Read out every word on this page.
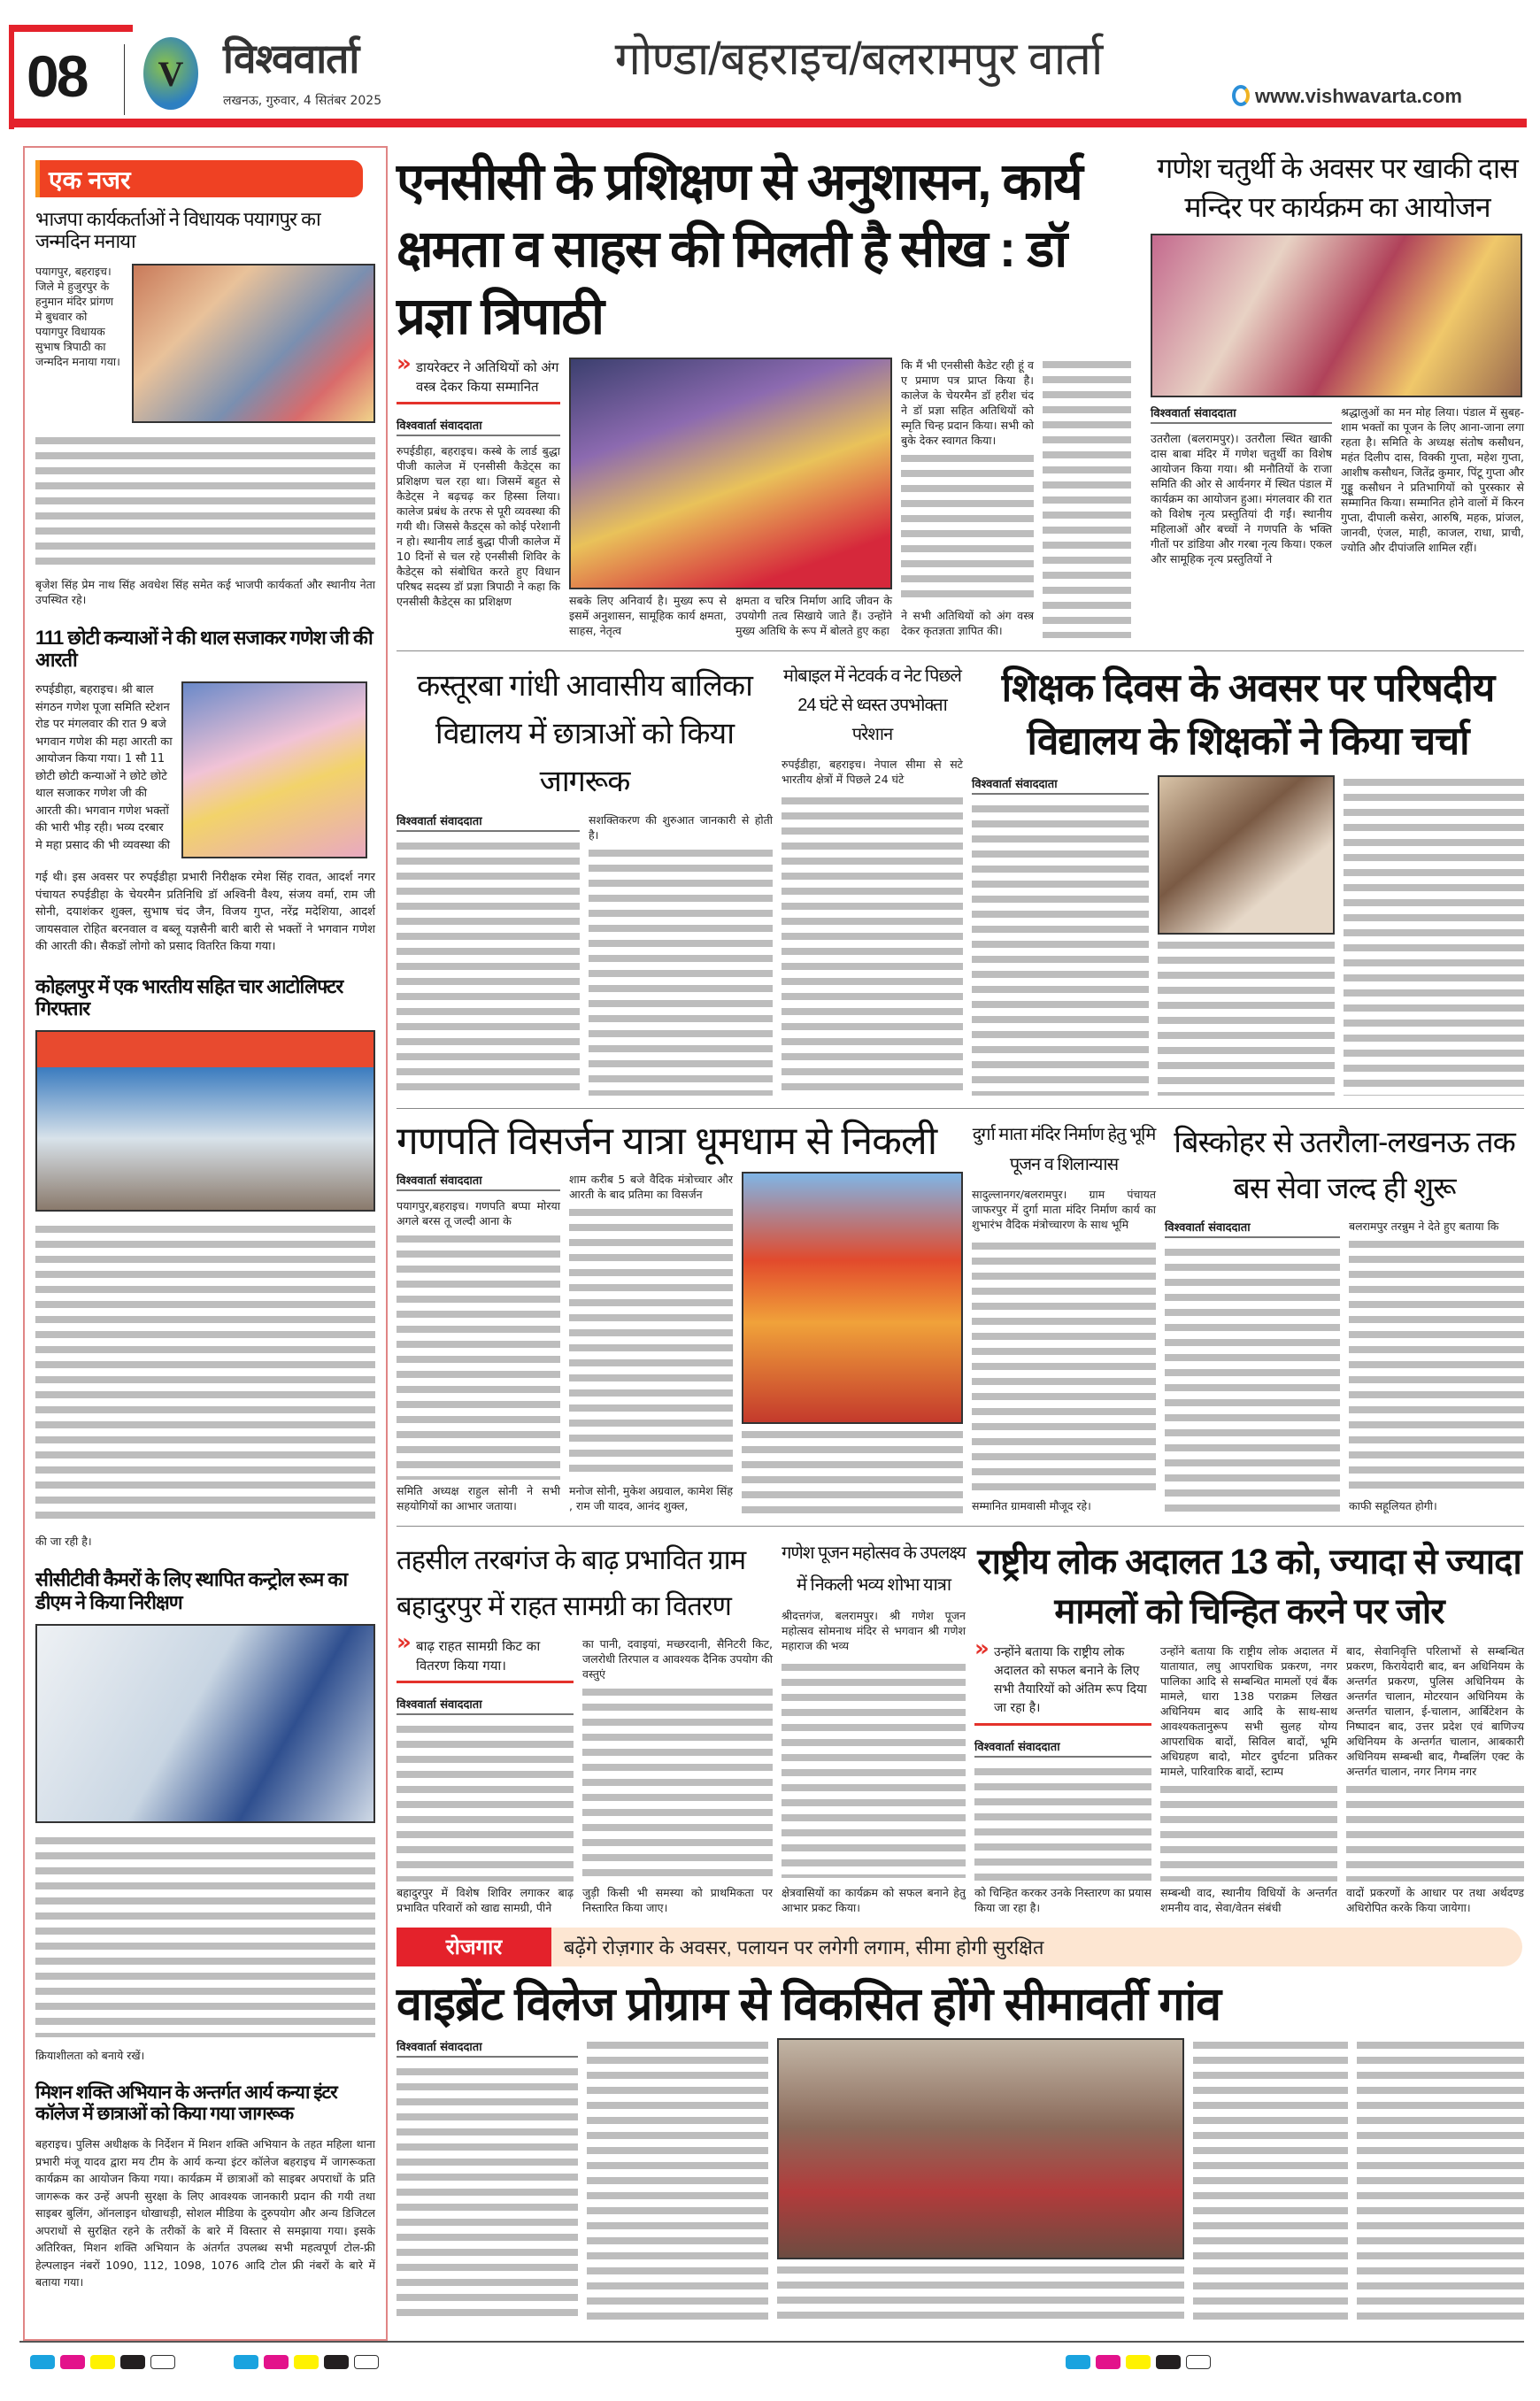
08	V विश्ववार्ता
लखनऊ, गुरुवार, 4 सितंबर 2025
गोण्डा/बहराइच/बलरामपुर वार्ता
www.vishwavarta.com
एक नजर
भाजपा कार्यकर्ताओं ने विधायक पयागपुर का जन्मदिन मनाया
पयागपुर, बहराइच। जिले मे हुजुरपुर के हनुमान मंदिर प्रांगण मे बुधवार को पयागपुर विधायक सुभाष त्रिपाठी का जन्मदिन मनाया गया।
बृजेश सिंह प्रेम नाथ सिंह अवधेश सिंह समेत कई भाजपी कार्यकर्ता और स्थानीय नेता उपस्थित रहे।
111 छोटी कन्याओं ने की थाल सजाकर गणेश जी की आरती
रुपईडीहा, बहराइच। श्री बाल संगठन गणेश पूजा समिति स्टेशन रोड पर मंगलवार की रात 9 बजे भगवान गणेश की महा आरती का आयोजन किया गया। 1 सौ 11 छोटी छोटी कन्याओं ने छोटे छोटे थाल सजाकर गणेश जी की आरती की। भगवान गणेश भक्तों की भारी भीड़ रही। भव्य दरबार मे महा प्रसाद की भी व्यवस्था की
गई थी। इस अवसर पर रुपईडीहा प्रभारी निरीक्षक रमेश सिंह रावत, आदर्श नगर पंचायत रुपईडीहा के चेयरमैन प्रतिनिधि डॉ अश्विनी वैश्य, संजय वर्मा, राम जी सोनी, दयाशंकर शुक्ल, सुभाष चंद जैन, विजय गुप्त, नरेंद्र मदेशिया, आदर्श जायसवाल रोहित बरनवाल व बब्लू यज्ञसैनी बारी बारी से भक्तों ने भगवान गणेश की आरती की। सैकडों लोगो को प्रसाद वितरित किया गया।
कोहलपुर में एक भारतीय सहित चार आटोलिफ्टर गिरफ्तार
की जा रही है।
सीसीटीवी कैमरों के लिए स्थापित कन्ट्रोल रूम का डीएम ने किया निरीक्षण
क्रियाशीलता को बनाये रखें।
मिशन शक्ति अभियान के अन्तर्गत आर्य कन्या इंटर कॉलेज में छात्राओं को किया गया जागरूक
बहराइच। पुलिस अधीक्षक के निर्देशन में मिशन शक्ति अभियान के तहत महिला थाना प्रभारी मंजू यादव द्वारा मय टीम के आर्य कन्या इंटर कॉलेज बहराइच में जागरूकता कार्यक्रम का आयोजन किया गया। कार्यक्रम में छात्राओं को साइबर अपराधों के प्रति जागरूक कर उन्हें अपनी सुरक्षा के लिए आवश्यक जानकारी प्रदान की गयी तथा साइबर बुलिंग, ऑनलाइन धोखाधड़ी, सोशल मीडिया के दुरुपयोग और अन्य डिजिटल अपराधों से सुरक्षित रहने के तरीकों के बारे में विस्तार से समझाया गया। इसके अतिरिक्त, मिशन शक्ति अभियान के अंतर्गत उपलब्ध सभी महत्वपूर्ण टोल-फ्री हेल्पलाइन नंबरों 1090, 112, 1098, 1076 आदि टोल फ्री नंबरों के बारे में बताया गया।
एनसीसी के प्रशिक्षण से अनुशासन, कार्य क्षमता व साहस की मिलती है सीख : डॉ प्रज्ञा त्रिपाठी
» डायरेक्टर ने अतिथियों को अंग वस्त्र देकर किया सम्मानित
विश्ववार्ता संवाददाता
रुपईडीहा, बहराइच। कस्बे के लार्ड बुद्धा पीजी कालेज में एनसीसी कैडेट्स का प्रशिक्षण चल रहा था। जिसमें बहुत से कैडेट्स ने बढ़चढ़ कर हिस्सा लिया। कालेज प्रबंध के तरफ से पूरी व्यवस्था की गयी थी। जिससे कैडट्स को कोई परेशानी न हो। स्थानीय लार्ड बुद्धा पीजी कालेज में 10 दिनों से चल रहे एनसीसी शिविर के कैडेट्स को संबोधित करते हुए विधान परिषद सदस्य डॉ प्रज्ञा त्रिपाठी ने कहा कि एनसीसी कैडेट्स का प्रशिक्षण	सबके लिए अनिवार्य है। मुख्य रूप से इसमें अनुशासन, सामूहिक कार्य क्षमता, साहस, नेतृत्व
क्षमता व चरित्र निर्माण आदि जीवन के उपयोगी तत्व सिखाये जाते हैं। उन्होंने मुख्य अतिथि के रूप में बोलते हुए कहा
कि मैं भी एनसीसी कैडेट रही हूं व ए प्रमाण पत्र प्राप्त किया है। कालेज के चेयरमैन डॉ हरीश चंद ने डॉ प्रज्ञा सहित अतिथियों को स्मृति चिन्ह प्रदान किया। सभी को बुके देकर स्वागत किया।
ने सभी अतिथियों को अंग वस्त्र देकर कृतज्ञता ज्ञापित की।
गणेश चतुर्थी के अवसर पर खाकी दास मन्दिर पर कार्यक्रम का आयोजन
विश्ववार्ता संवाददाता
उतरौला (बलरामपुर)। उतरौला स्थित खाकी दास बाबा मंदिर में गणेश चतुर्थी का विशेष आयोजन किया गया। श्री मनौतियों के राजा समिति की ओर से आर्यनगर में स्थित पंडाल में कार्यक्रम का आयोजन हुआ। मंगलवार की रात को विशेष नृत्य प्रस्तुतियां दी गईं। स्थानीय महिलाओं और बच्चों ने गणपति के भक्ति गीतों पर डांडिया और गरबा नृत्य किया। एकल और सामूहिक नृत्य प्रस्तुतियों ने
श्रद्धालुओं का मन मोह लिया। पंडाल में सुबह-शाम भक्तों का पूजन के लिए आना-जाना लगा रहता है। समिति के अध्यक्ष संतोष कसौधन, महंत दिलीप दास, विक्की गुप्ता, महेश गुप्ता, आशीष कसौधन, जितेंद्र कुमार, पिंटू गुप्ता और गुड्डू कसौधन ने प्रतिभागियों को पुरस्कार से सम्मानित किया। सम्मानित होने वालों में किरन गुप्ता, दीपाली कसेरा, आरुषि, महक, प्रांजल, जानवी, एंजल, माही, काजल, राधा, प्राची, ज्योति और दीपांजलि शामिल रहीं।
कस्तूरबा गांधी आवासीय बालिका विद्यालय में छात्राओं को किया जागरूक
विश्ववार्ता संवाददाता	सशक्तिकरण की शुरुआत जानकारी से होती है।
मोबाइल में नेटवर्क व नेट पिछले 24 घंटे से ध्वस्त उपभोक्ता परेशान
रुपईडीहा, बहराइच। नेपाल सीमा से सटे भारतीय क्षेत्रों में पिछले 24 घंटे
शिक्षक दिवस के अवसर पर परिषदीय विद्यालय के शिक्षकों ने किया चर्चा
विश्ववार्ता संवाददाता
गणपति विसर्जन यात्रा धूमधाम से निकली
विश्ववार्ता संवाददाता
पयागपुर,बहराइच। गणपति बप्पा मोरया अगले बरस तू जल्दी आना के
समिति अध्यक्ष राहुल सोनी ने सभी सहयोगियों का आभार जताया।
शाम करीब 5 बजे वैदिक मंत्रोच्चार और आरती के बाद प्रतिमा का विसर्जन
मनोज सोनी, मुकेश अग्रवाल, कामेश सिंह , राम जी यादव, आनंद शुक्ल,
दुर्गा माता मंदिर निर्माण हेतु भूमि पूजन व शिलान्यास
सादुल्लानगर/बलरामपुर। ग्राम पंचायत जाफरपुर में दुर्गा माता मंदिर निर्माण कार्य का शुभारंभ वैदिक मंत्रोच्चारण के साथ भूमि
सम्मानित ग्रामवासी मौजूद रहे।
बिस्कोहर से उतरौला-लखनऊ तक बस सेवा जल्द ही शुरू
विश्ववार्ता संवाददाता	बलरामपुर तरन्नुम ने देते हुए बताया कि
काफी सहूलियत होगी।
तहसील तरबगंज के बाढ़ प्रभावित ग्राम बहादुरपुर में राहत सामग्री का वितरण
» बाढ़ राहत सामग्री किट का वितरण किया गया।
विश्ववार्ता संवाददाता
बहादुरपुर में विशेष शिविर लगाकर बाढ़ प्रभावित परिवारों को खाद्य सामग्री, पीने
का पानी, दवाइयां, मच्छरदानी, सैनिटरी किट, जलरोधी तिरपाल व आवश्यक दैनिक उपयोग की वस्तुएं
जुड़ी किसी भी समस्या को प्राथमिकता पर निस्तारित किया जाए।
गणेश पूजन महोत्सव के उपलक्ष्य में निकली भव्य शोभा यात्रा
श्रीदत्तगंज, बलरामपुर। श्री गणेश पूजन महोत्सव सोमनाथ मंदिर से भगवान श्री गणेश महाराज की भव्य
क्षेत्रवासियों का कार्यक्रम को सफल बनाने हेतु आभार प्रकट किया।
राष्ट्रीय लोक अदालत 13 को, ज्यादा से ज्यादा मामलों को चिन्हित करने पर जोर
» उन्होंने बताया कि राष्ट्रीय लोक अदालत को सफल बनाने के लिए सभी तैयारियों को अंतिम रूप दिया जा रहा है।
विश्ववार्ता संवाददाता
को चिन्हित करकर उनके निस्तारण का प्रयास किया जा रहा है।
उन्होंने बताया कि राष्ट्रीय लोक अदालत में यातायात, लघु आपराधिक प्रकरण, नगर पालिका आदि से सम्बन्धित मामलों एवं बैंक मामले, धारा 138 पराक्रम लिखत अधिनियम बाद आदि के साथ-साथ आवश्यकतानुरूप सभी सुलह योग्य आपराधिक बादों, सिविल बादों, भूमि अधिग्रहण बादो, मोटर दुर्घटना प्रतिकर मामले, पारिवारिक बादों, स्टाम्प
सम्बन्धी वाद, स्थानीय विधियों के अन्तर्गत शमनीय वाद, सेवा/वेतन संबंधी
बाद, सेवानिवृत्ति परिलाभों से सम्बन्धित प्रकरण, किरायेदारी बाद, बन अधिनियम के अन्तर्गत प्रकरण, पुलिस अधिनियम के अन्तर्गत चालान, मोटरयान अधिनियम के अन्तर्गत चालान, ई-चालान, आर्बिटेशन के निष्पादन बाद, उत्तर प्रदेश एवं बाणिज्य अधिनियम के अन्तर्गत चालान, आबकारी अधिनियम सम्बन्धी बाद, गैम्बलिंग एक्ट के अन्तर्गत चालान, नगर निगम नगर
वादों प्रकरणों के आधार पर तथा अर्थदण्ड अधिरोपित करके किया जायेगा।
रोजगार	बढ़ेंगे रोज़गार के अवसर, पलायन पर लगेगी लगाम, सीमा होगी सुरक्षित
वाइब्रेंट विलेज प्रोग्राम से विकसित होंगे सीमावर्ती गांव
विश्ववार्ता संवाददाता
